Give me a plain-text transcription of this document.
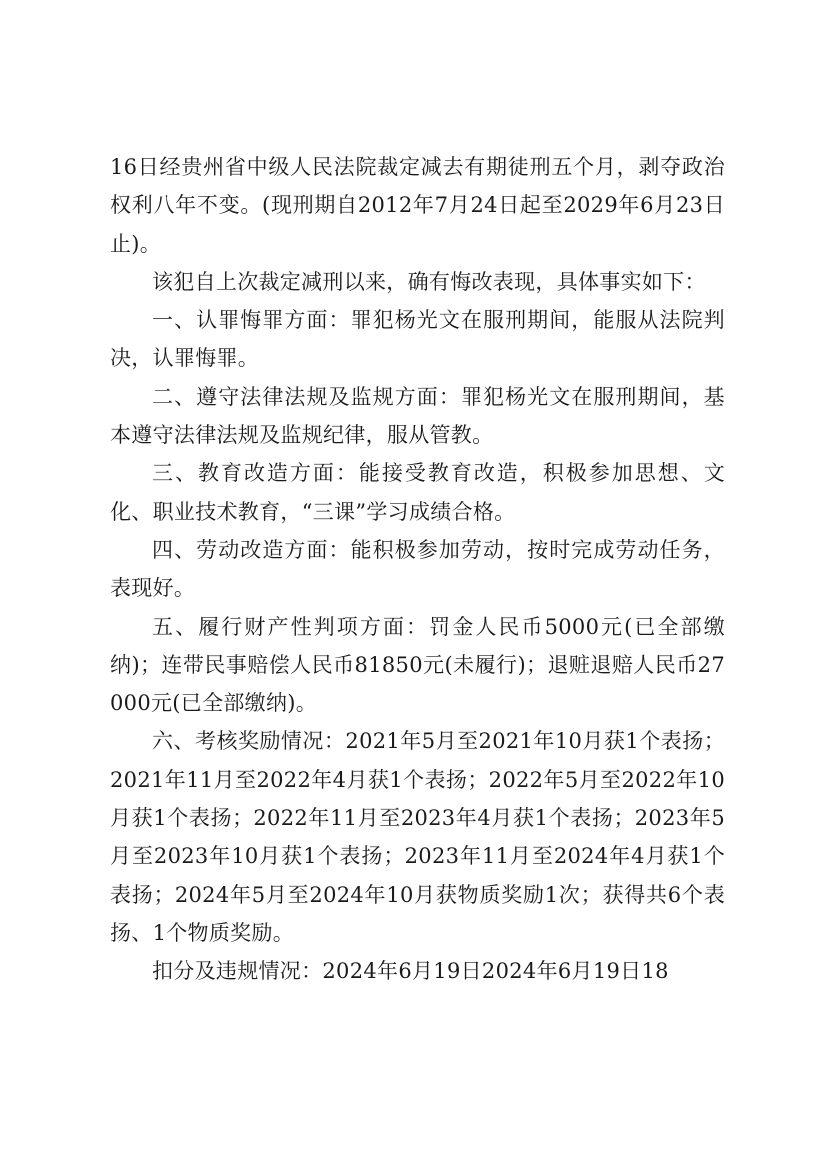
16日经贵州省中级人民法院裁定减去有期徒刑五个月，剥夺政治权利八年不变。(现刑期自2012年7月24日起至2029年6月23日止)。

该犯自上次裁定减刑以来，确有悔改表现，具体事实如下：

一、认罪悔罪方面：罪犯杨光文在服刑期间，能服从法院判决，认罪悔罪。

二、遵守法律法规及监规方面：罪犯杨光文在服刑期间，基本遵守法律法规及监规纪律，服从管教。

三、教育改造方面：能接受教育改造，积极参加思想、文化、职业技术教育，“三课”学习成绩合格。

四、劳动改造方面：能积极参加劳动，按时完成劳动任务，表现好。

五、履行财产性判项方面：罚金人民币5000元(已全部缴纳)；连带民事赔偿人民币81850元(未履行)；退赃退赔人民币27000元(已全部缴纳)。

六、考核奖励情况：2021年5月至2021年10月获1个表扬；2021年11月至2022年4月获1个表扬；2022年5月至2022年10月获1个表扬；2022年11月至2023年4月获1个表扬；2023年5月至2023年10月获1个表扬；2023年11月至2024年4月获1个表扬；2024年5月至2024年10月获物质奖励1次；获得共6个表扬、1个物质奖励。

扣分及违规情况：2024年6月19日2024年6月19日18
